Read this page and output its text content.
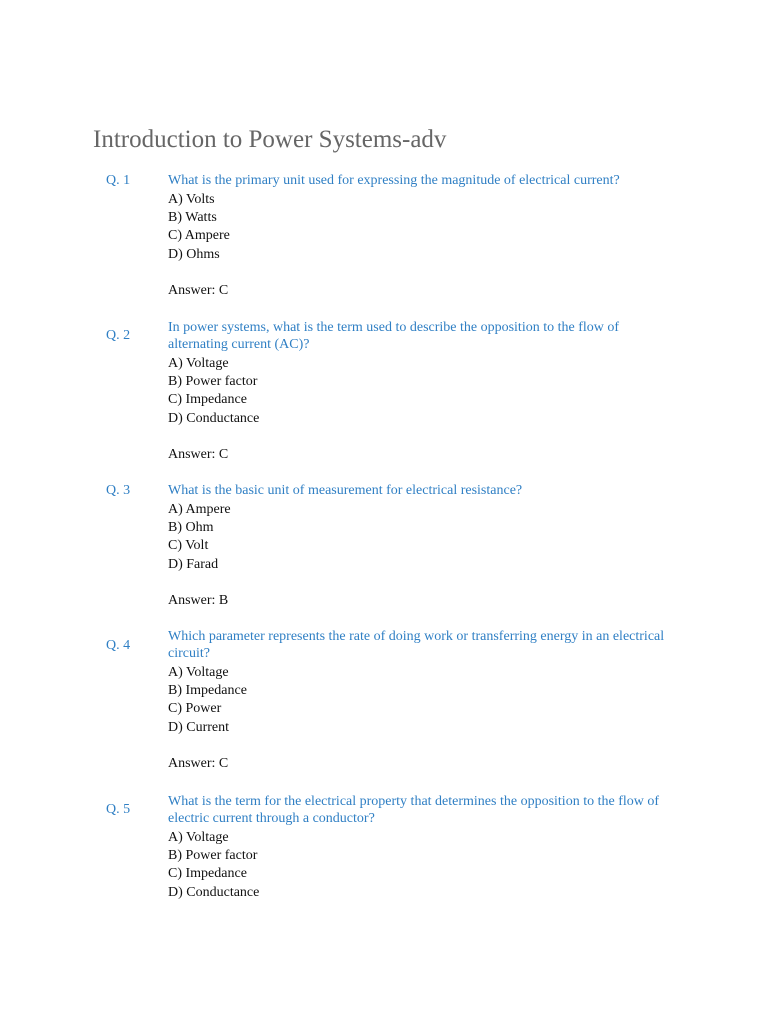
Introduction to Power Systems-adv
Q. 1	What is the primary unit used for expressing the magnitude of electrical current?

A) Volts
B) Watts
C) Ampere
D) Ohms
Answer: C
Q. 2

In power systems, what is the term used to describe the opposition to the flow of alternating current (AC)?

A) Voltage
B) Power factor
C) Impedance
D) Conductance
Answer: C
Q. 3	What is the basic unit of measurement for electrical resistance?

A) Ampere
B) Ohm
C) Volt
D) Farad
Answer: B
Q. 4

Which parameter represents the rate of doing work or transferring energy in an electrical circuit?

A) Voltage
B) Impedance
C) Power
D) Current
Answer: C
Q. 5

What is the term for the electrical property that determines the opposition to the flow of electric current through a conductor?

A) Voltage
B) Power factor
C) Impedance
D) Conductance
